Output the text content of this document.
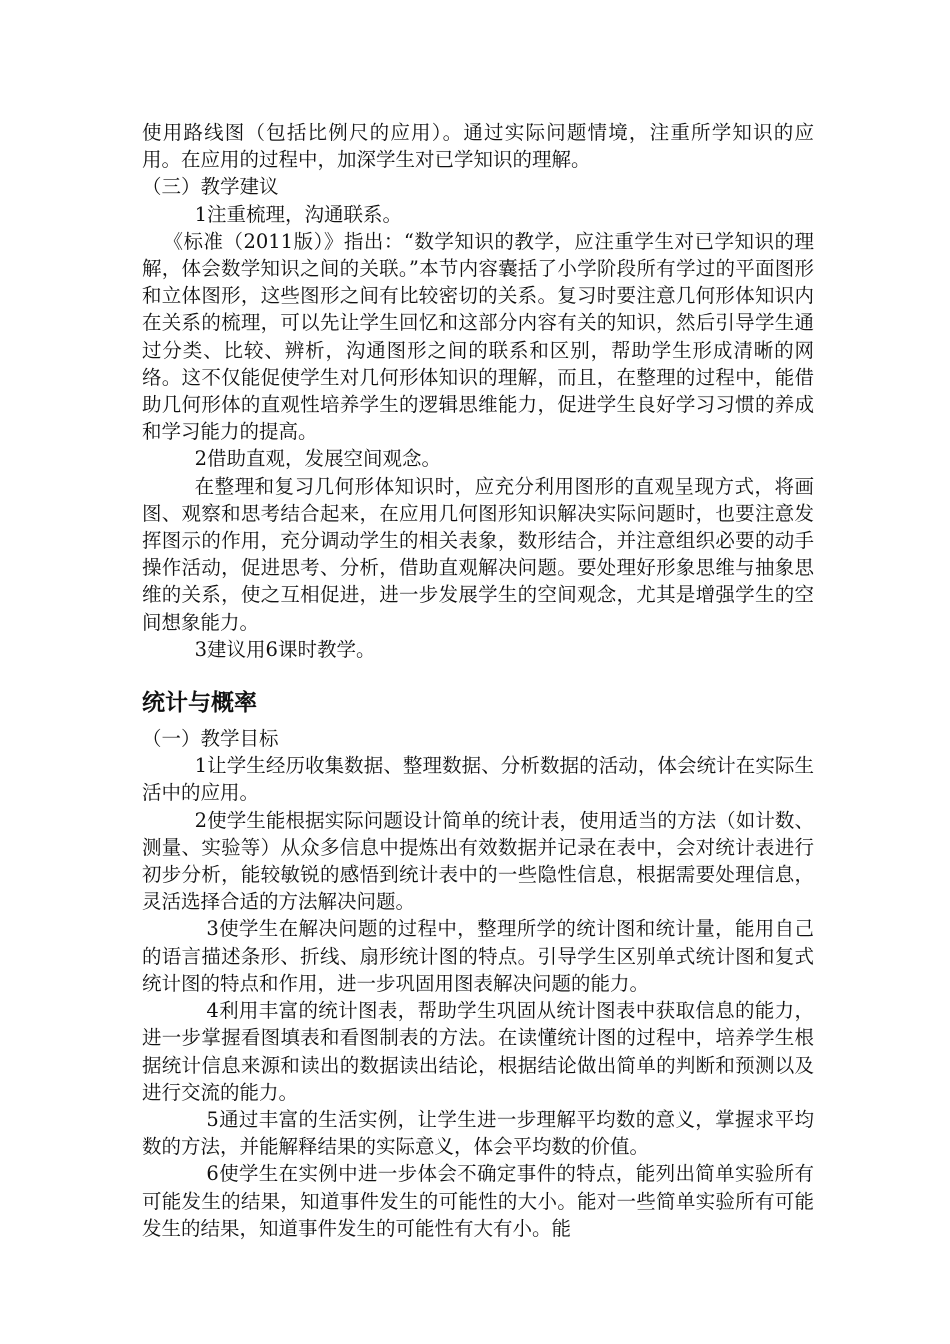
使用路线图（包括比例尺的应用）。通过实际问题情境，注重所学知识的应用。在应用的过程中，加深学生对已学知识的理解。

（三）教学建议

1注重梳理，沟通联系。

《标准（2011版）》指出：“数学知识的教学，应注重学生对已学知识的理解，体会数学知识之间的关联。”本节内容囊括了小学阶段所有学过的平面图形和立体图形，这些图形之间有比较密切的关系。复习时要注意几何形体知识内在关系的梳理，可以先让学生回忆和这部分内容有关的知识，然后引导学生通过分类、比较、辨析，沟通图形之间的联系和区别，帮助学生形成清晰的网络。这不仅能促使学生对几何形体知识的理解，而且，在整理的过程中，能借助几何形体的直观性培养学生的逻辑思维能力，促进学生良好学习习惯的养成和学习能力的提高。

2借助直观，发展空间观念。

在整理和复习几何形体知识时，应充分利用图形的直观呈现方式，将画图、观察和思考结合起来，在应用几何图形知识解决实际问题时，也要注意发挥图示的作用，充分调动学生的相关表象，数形结合，并注意组织必要的动手操作活动，促进思考、分析，借助直观解决问题。要处理好形象思维与抽象思维的关系，使之互相促进，进一步发展学生的空间观念，尤其是增强学生的空间想象能力。

3建议用6课时教学。

统计与概率

（一）教学目标

1让学生经历收集数据、整理数据、分析数据的活动，体会统计在实际生活中的应用。

2使学生能根据实际问题设计简单的统计表，使用适当的方法（如计数、测量、实验等）从众多信息中提炼出有效数据并记录在表中，会对统计表进行初步分析，能较敏锐的感悟到统计表中的一些隐性信息，根据需要处理信息，灵活选择合适的方法解决问题。

3使学生在解决问题的过程中，整理所学的统计图和统计量，能用自己的语言描述条形、折线、扇形统计图的特点。引导学生区别单式统计图和复式统计图的特点和作用，进一步巩固用图表解决问题的能力。

4利用丰富的统计图表，帮助学生巩固从统计图表中获取信息的能力，进一步掌握看图填表和看图制表的方法。在读懂统计图的过程中，培养学生根据统计信息来源和读出的数据读出结论，根据结论做出简单的判断和预测以及进行交流的能力。

5通过丰富的生活实例，让学生进一步理解平均数的意义，掌握求平均数的方法，并能解释结果的实际意义，体会平均数的价值。

6使学生在实例中进一步体会不确定事件的特点，能列出简单实验所有可能发生的结果，知道事件发生的可能性的大小。能对一些简单实验所有可能发生的结果，知道事件发生的可能性有大有小。能
